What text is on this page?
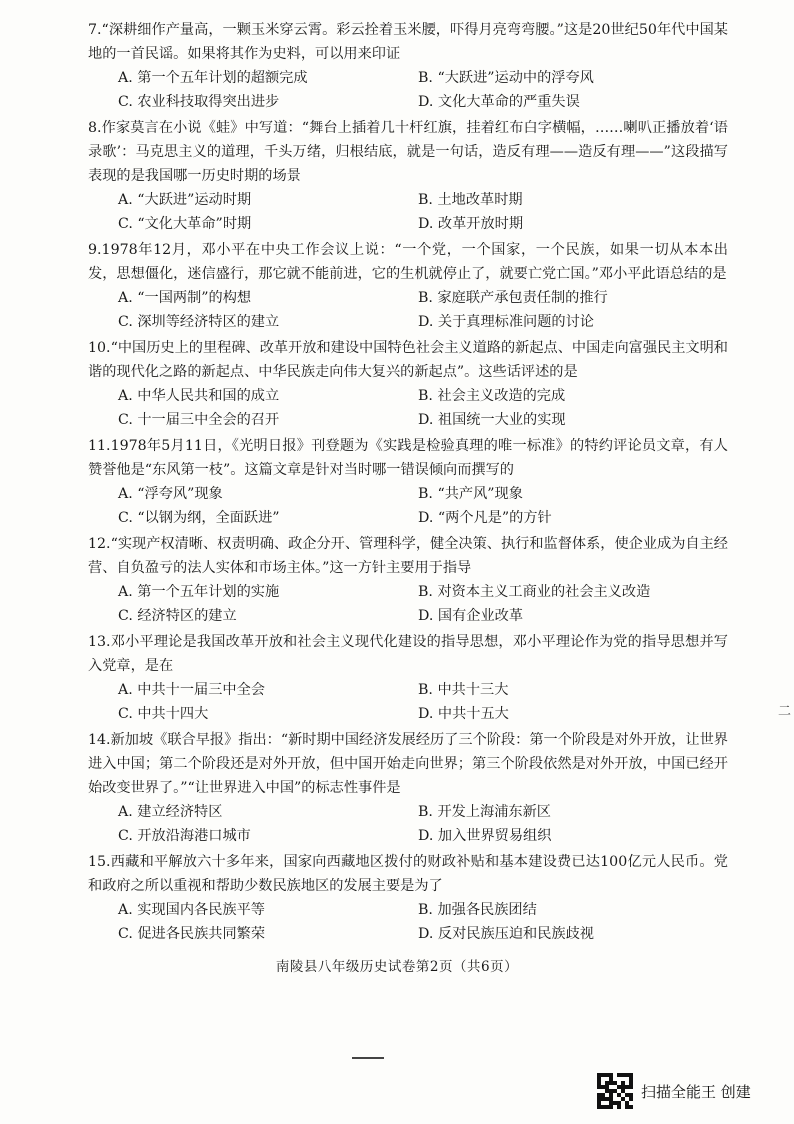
7.“深耕细作产量高，一颗玉米穿云霄。彩云拴着玉米腰，吓得月亮弯弯腰。”这是20世纪50年代中国某地的一首民谣。如果将其作为史料，可以用来印证
A. 第一个五年计划的超额完成	B. “大跃进”运动中的浮夸风
C. 农业科技取得突出进步	D. 文化大革命的严重失误
8.作家莫言在小说《蛙》中写道：“舞台上插着几十杆红旗，挂着红布白字横幅，……喇叭正播放着‘语录歌’：马克思主义的道理，千头万绪，归根结底，就是一句话，造反有理——造反有理——”这段描写表现的是我国哪一历史时期的场景
A. “大跃进”运动时期	B. 土地改革时期
C. “文化大革命”时期	D. 改革开放时期
9.1978年12月，邓小平在中央工作会议上说：“一个党，一个国家，一个民族，如果一切从本本出发，思想僵化，迷信盛行，那它就不能前进，它的生机就停止了，就要亡党亡国。”邓小平此语总结的是
A. “一国两制”的构想	B. 家庭联产承包责任制的推行
C. 深圳等经济特区的建立	D. 关于真理标准问题的讨论
10.“中国历史上的里程碑、改革开放和建设中国特色社会主义道路的新起点、中国走向富强民主文明和谐的现代化之路的新起点、中华民族走向伟大复兴的新起点”。这些话评述的是
A. 中华人民共和国的成立	B. 社会主义改造的完成
C. 十一届三中全会的召开	D. 祖国统一大业的实现
11.1978年5月11日，《光明日报》刊登题为《实践是检验真理的唯一标准》的特约评论员文章，有人赞誉他是“东风第一枝”。这篇文章是针对当时哪一错误倾向而撰写的
A. “浮夸风”现象	B. “共产风”现象
C. “以钢为纲，全面跃进”	D. “两个凡是”的方针
12.“实现产权清晰、权责明确、政企分开、管理科学，健全决策、执行和监督体系，使企业成为自主经营、自负盈亏的法人实体和市场主体。”这一方针主要用于指导
A. 第一个五年计划的实施	B. 对资本主义工商业的社会主义改造
C. 经济特区的建立	D. 国有企业改革
13.邓小平理论是我国改革开放和社会主义现代化建设的指导思想，邓小平理论作为党的指导思想并写入党章，是在
A. 中共十一届三中全会	B. 中共十三大
C. 中共十四大	D. 中共十五大
14.新加坡《联合早报》指出：“新时期中国经济发展经历了三个阶段：第一个阶段是对外开放，让世界进入中国；第二个阶段还是对外开放，但中国开始走向世界；第三个阶段依然是对外开放，中国已经开始改变世界了。”“让世界进入中国”的标志性事件是
A. 建立经济特区	B. 开发上海浦东新区
C. 开放沿海港口城市	D. 加入世界贸易组织
15.西藏和平解放六十多年来，国家向西藏地区拨付的财政补贴和基本建设费已达100亿元人民币。党和政府之所以重视和帮助少数民族地区的发展主要是为了
A. 实现国内各民族平等	B. 加强各民族团结
C. 促进各民族共同繁荣	D. 反对民族压迫和民族歧视
南陵县八年级历史试卷第2页（共6页）
二
扫描全能王 创建
